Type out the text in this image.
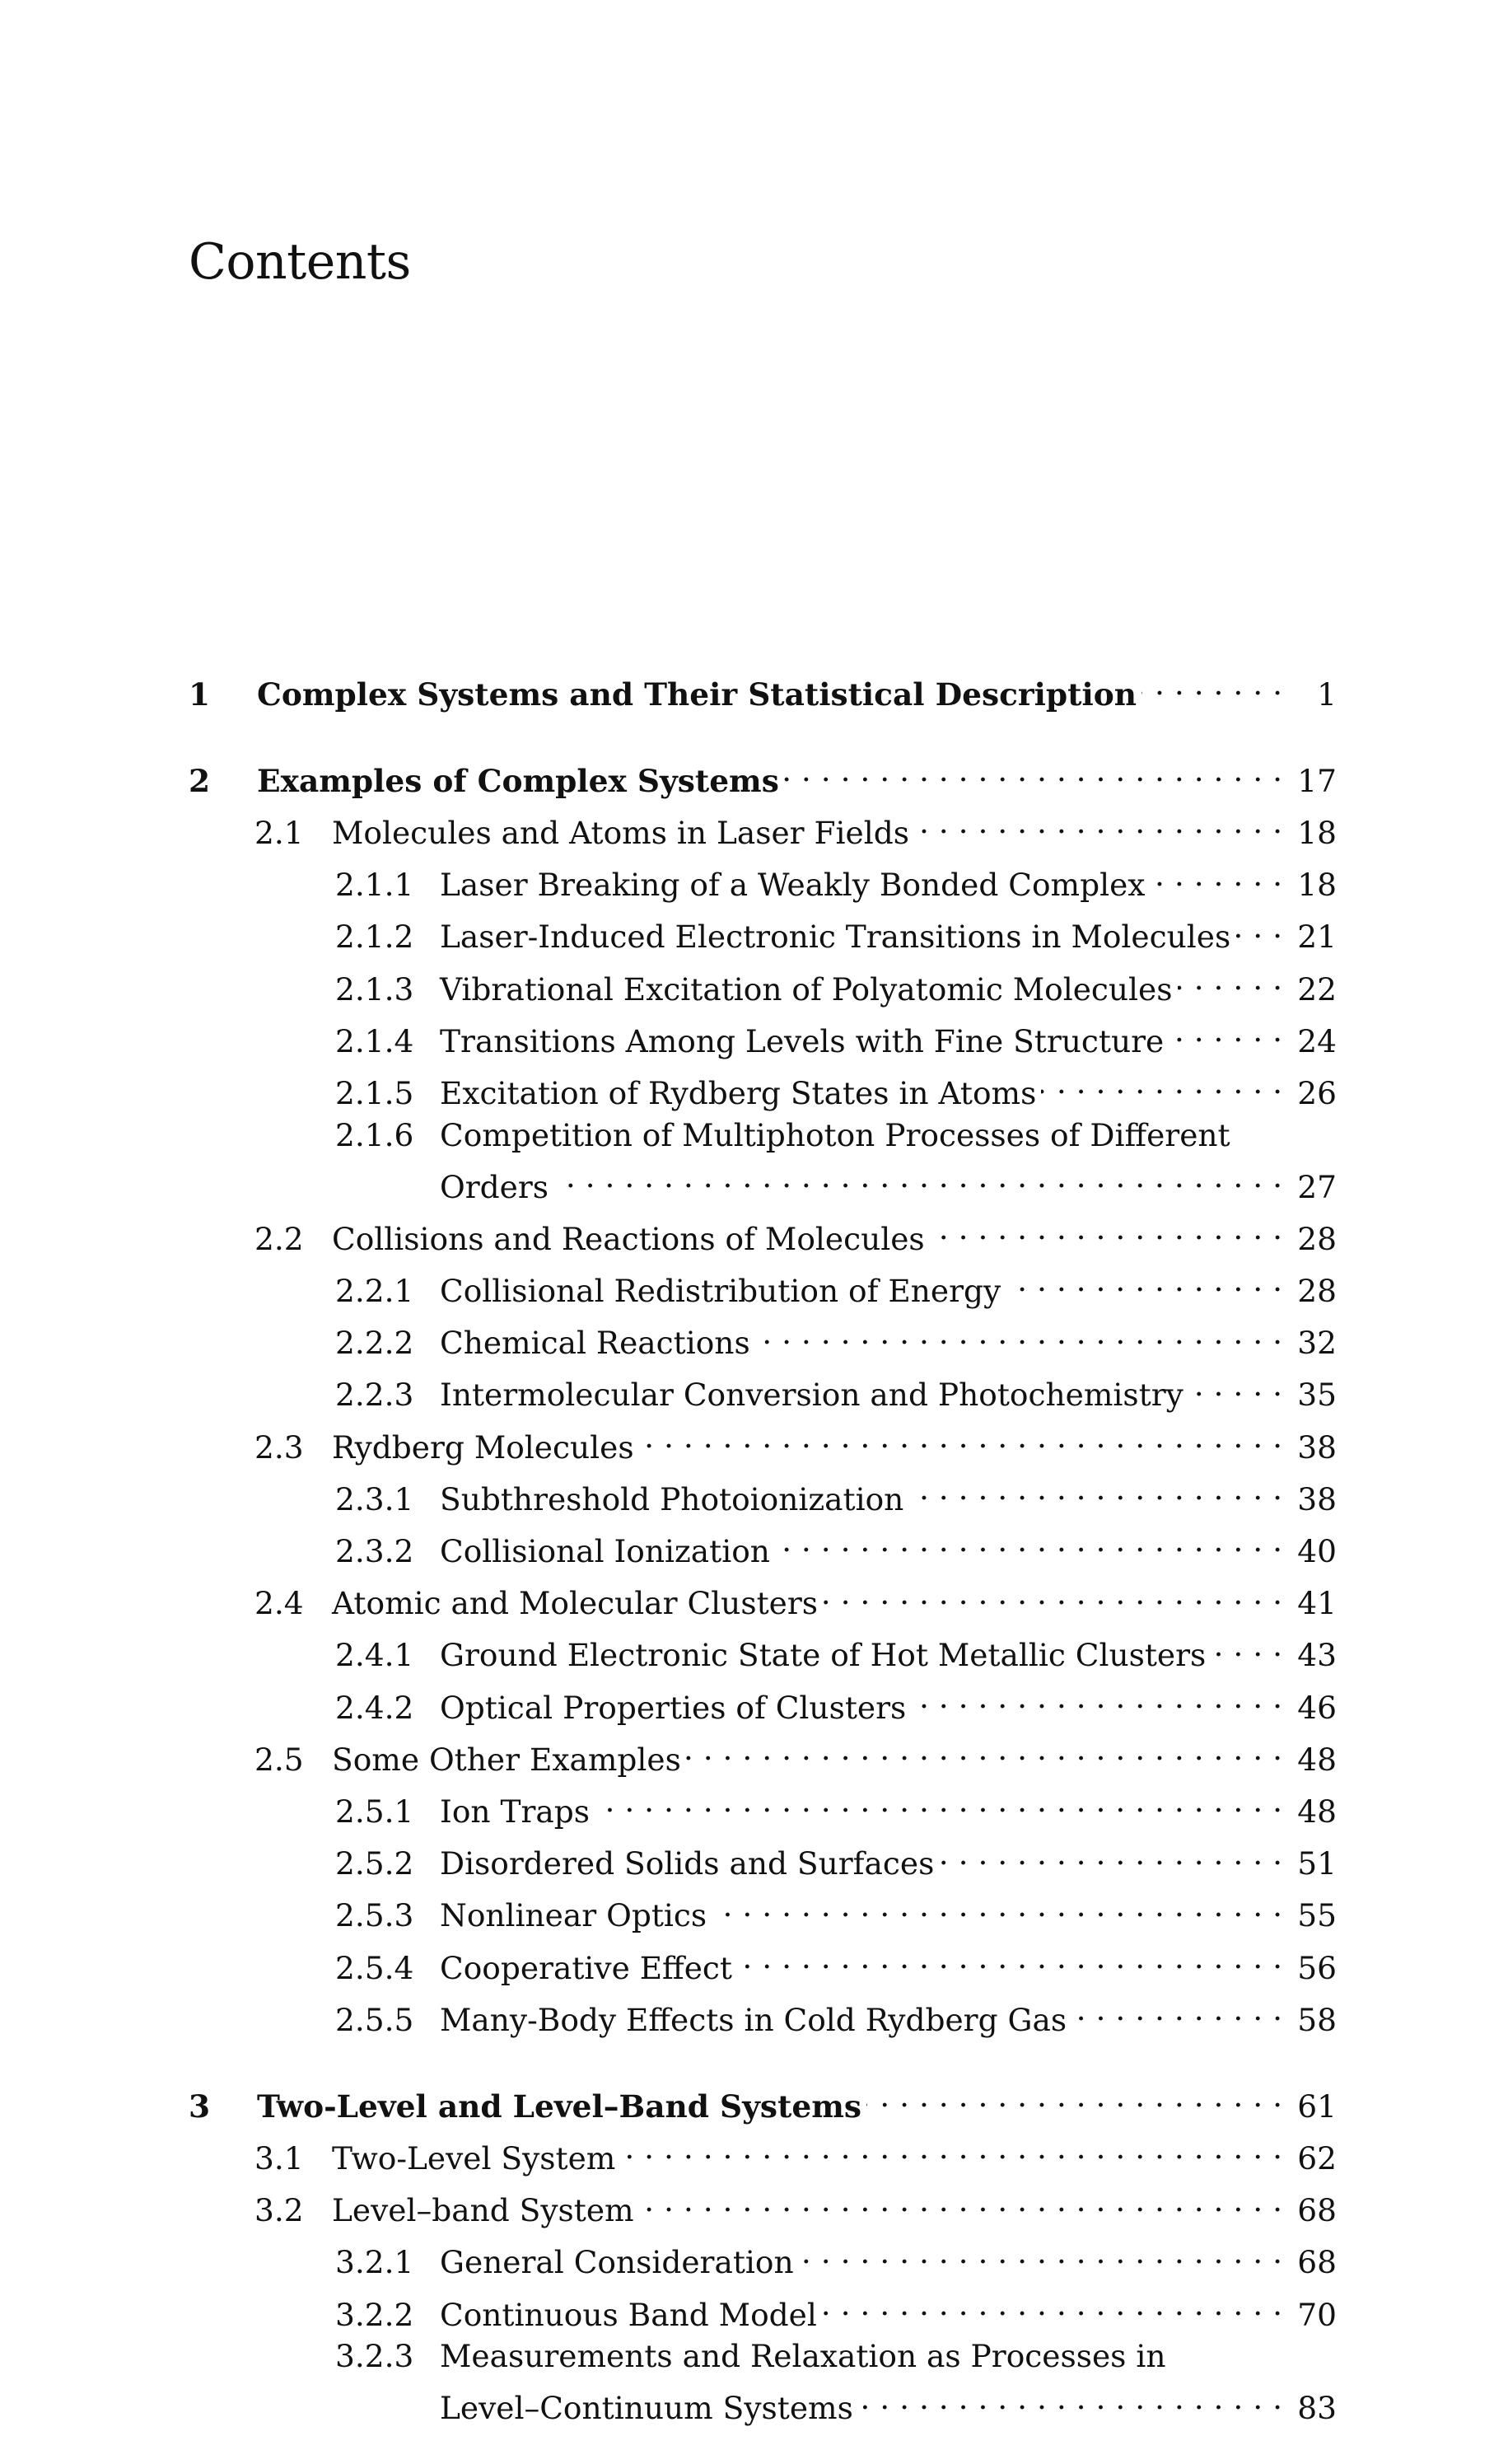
Contents
1	Complex Systems and Their Statistical Description . . .	1
2	Examples of Complex Systems . . .	17
2.1 Molecules and Atoms in Laser Fields . . .	18
2.1.1 Laser Breaking of a Weakly Bonded Complex . . .	18
2.1.2 Laser-Induced Electronic Transitions in Molecules . . .	21
2.1.3 Vibrational Excitation of Polyatomic Molecules . . .	22
2.1.4 Transitions Among Levels with Fine Structure . . .	24
2.1.5 Excitation of Rydberg States in Atoms . . .	26
2.1.6 Competition of Multiphoton Processes of Different
Orders . . .	27
2.2 Collisions and Reactions of Molecules . . .	28
2.2.1 Collisional Redistribution of Energy . . .	28
2.2.2 Chemical Reactions . . .	32
2.2.3 Intermolecular Conversion and Photochemistry . . .	35
2.3 Rydberg Molecules . . .	38
2.3.1 Subthreshold Photoionization . . .	38
2.3.2 Collisional Ionization . . .	40
2.4 Atomic and Molecular Clusters . . .	41
2.4.1 Ground Electronic State of Hot Metallic Clusters . . .	43
2.4.2 Optical Properties of Clusters . . .	46
2.5 Some Other Examples . . .	48
2.5.1 Ion Traps . . .	48
2.5.2 Disordered Solids and Surfaces . . .	51
2.5.3 Nonlinear Optics . . .	55
2.5.4 Cooperative Effect . . .	56
2.5.5 Many-Body Effects in Cold Rydberg Gas . . .	58
3	Two-Level and Level–Band Systems . . .	61
3.1 Two-Level System . . .	62
3.2 Level–band System . . .	68
3.2.1 General Consideration . . .	68
3.2.2 Continuous Band Model . . .	70
3.2.3 Measurements and Relaxation as Processes in
Level–Continuum Systems . . .	83
